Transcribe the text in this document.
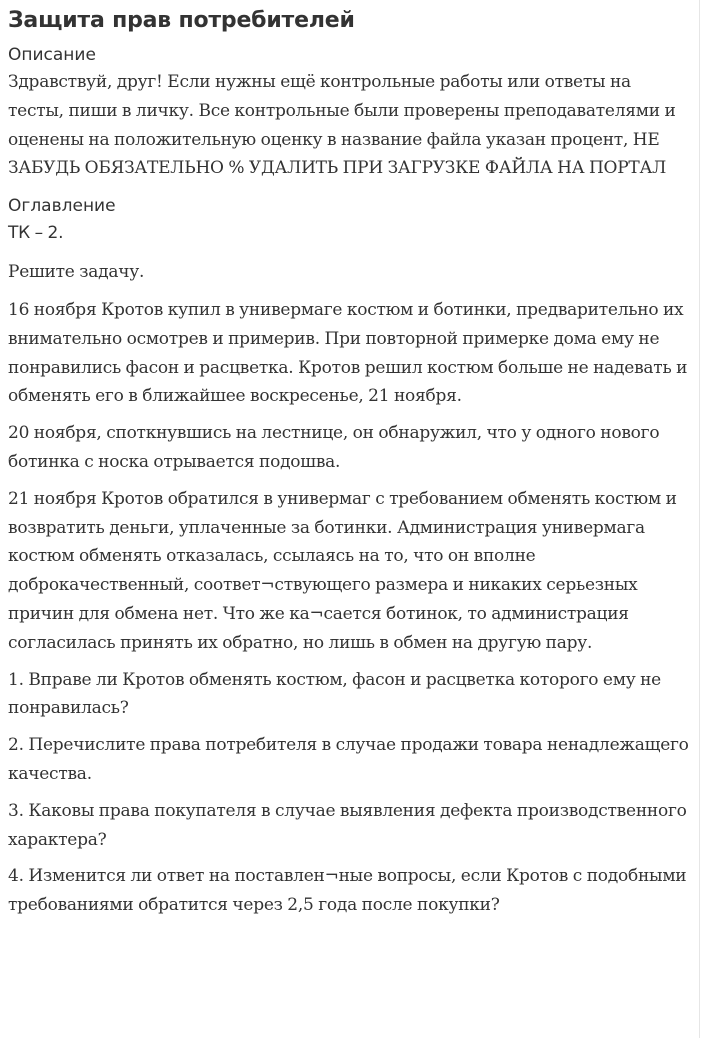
Защита прав потребителей
Описание

Здравствуй, друг! Если нужны ещё контрольные работы или ответы на тесты, пиши в личку. Все контрольные были проверены преподавателями и оценены на положительную оценку в название файла указан процент, НЕ ЗАБУДЬ ОБЯЗАТЕЛЬНО % УДАЛИТЬ ПРИ ЗАГРУЗКЕ ФАЙЛА НА ПОРТАЛ

Оглавление

ТК – 2.

Решите задачу.

16 ноября Кротов купил в универмаге костюм и ботинки, предварительно их внимательно осмотрев и примерив. При повторной примерке дома ему не понравились фасон и расцветка. Кротов решил костюм больше не надевать и обменять его в ближайшее воскресенье, 21 ноября.

20 ноября, споткнувшись на лестнице, он обнаружил, что у одного нового ботинка с носка отрывается подошва.

21 ноября Кротов обратился в универмаг с требованием обменять костюм и возвратить деньги, уплаченные за ботинки. Администрация универмага костюм обменять отказалась, ссылаясь на то, что он вполне доброкачественный, соответ¬ствующего размера и никаких серьезных причин для обмена нет. Что же ка¬сается ботинок, то администрация согласилась принять их обратно, но лишь в обмен на другую пару.

1. Вправе ли Кротов обменять костюм, фасон и расцветка которого ему не понравилась?

2. Перечислите права потребителя в случае продажи товара ненадлежащего качества.

3. Каковы права покупателя в случае выявления дефекта производственного характера?

4. Изменится ли ответ на поставлен¬ные вопросы, если Кротов с подобными требованиями обратится через 2,5 года после покупки?
